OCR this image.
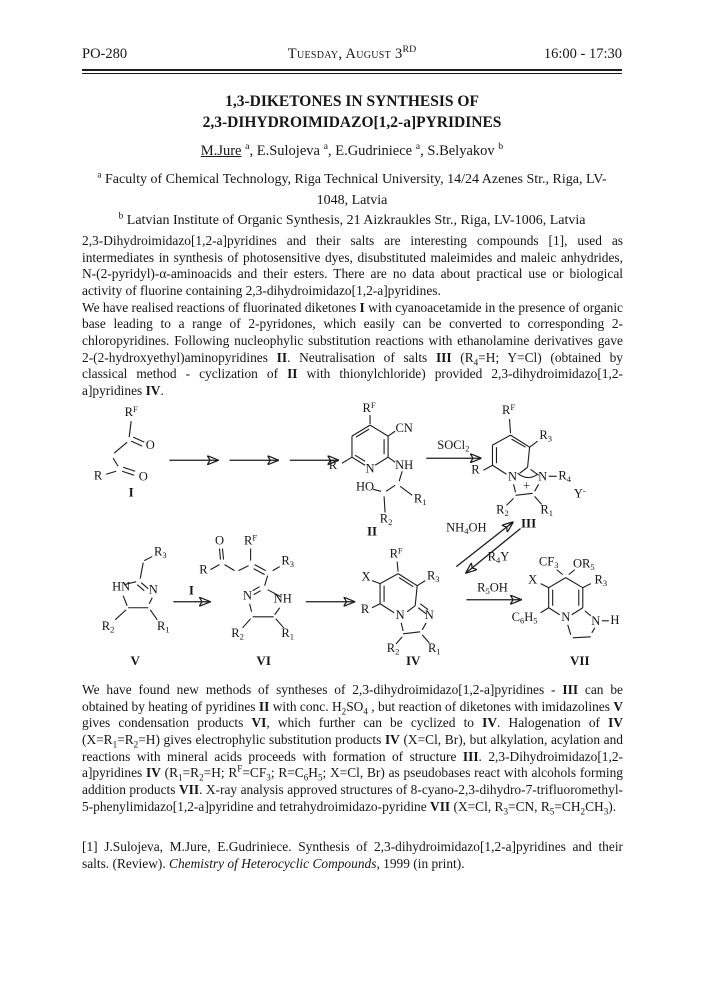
PO-280	Tuesday, August 3RD	16:00 - 17:30
1,3-DIKETONES IN SYNTHESIS OF
2,3-DIHYDROIMIDAZO[1,2-a]PYRIDINES
M.Jure $^a$, E.Sulojeva $^a$, E.Gudriniece $^a$, S.Belyakov $^b$
$^a$ Faculty of Chemical Technology, Riga Technical University, 14/24 Azenes Str., Riga, LV-1048, Latvia
$^b$ Latvian Institute of Organic Synthesis, 21 Aizkraukles Str., Riga, LV-1006, Latvia

2,3-Dihydroimidazo[1,2-a]pyridines and their salts are interesting compounds [1], used as intermediates in synthesis of photosensitive dyes, disubstituted maleimides and maleic anhydrides, N-(2-pyridyl)-α-aminoacids and their esters. There are no data about practical use or biological activity of fluorine containing 2,3-dihydroimidazo[1,2-a]pyridines.

We have realised reactions of fluorinated diketones I with cyanoacetamide in the presence of organic base leading to a range of 2-pyridones, which easily can be converted to corresponding 2-chloropyridines. Following nucleophylic substitution reactions with ethanolamine derivatives gave 2-(2-hydroxyethyl)aminopyridines II. Neutralisation of salts III ($R_4=H$; Y=Cl) (obtained by classical method - cyclization of II with thionylchloride) provided 2,3-dihydroimidazo[1,2-a]pyridines IV.

$R^F$
O
O
R
I
$R^F$
CN
R N NH
HO
$R_1$
$R_2$
II
SOCl$_2$
$R^F$
$R_3$
R
N
+
N $R_4$
Y-
$R_2$	$R_1$
III
$NH_4OH$
$R_4Y$
$R_3$
HN N
$R_2$	$R_1$
V
I
O
R
$R^F$
$R_3$
N NH
$R_2$	$R_1$
VI
$R^F$
X	$R_3$
R N N
$R_2$ $R_1$
IV
$R_5OH$
$CF_3$ $OR_5$
X	$R_3$
$C_6H_5$ N N H
VII

We have found new methods of syntheses of 2,3-dihydroimidazo[1,2-a]pyridines - III can be obtained by heating of pyridines II with conc. $H_2SO_4$ , but reaction of diketones with imidazolines V gives condensation products VI, which further can be cyclized to IV. Halogenation of IV $(X=R_1=R_2=H)$ gives electrophylic substitution products IV (X=Cl, Br), but alkylation, acylation and reactions with mineral acids proceeds with formation of structure III. 2,3-Dihydroimidazo[1,2-a]pyridines IV ($R_1=R_2=H$; $R^F=CF_3$; $R=C_6H_5$; X=Cl, Br) as pseudobases react with alcohols forming addition products VII. X-ray analysis approved structures of 8-cyano-2,3-dihydro-7-trifluoromethyl-5-phenylimidazo[1,2-a]pyridine and tetrahydroimidazo-pyridine VII (X=Cl, $R_3=CN$, $R_5=CH_2CH_3$).

[1] J.Sulojeva, M.Jure, E.Gudriniece. Synthesis of 2,3-dihydroimidazo[1,2-a]pyridines and their salts. (Review). Chemistry of Heterocyclic Compounds, 1999 (in print).
